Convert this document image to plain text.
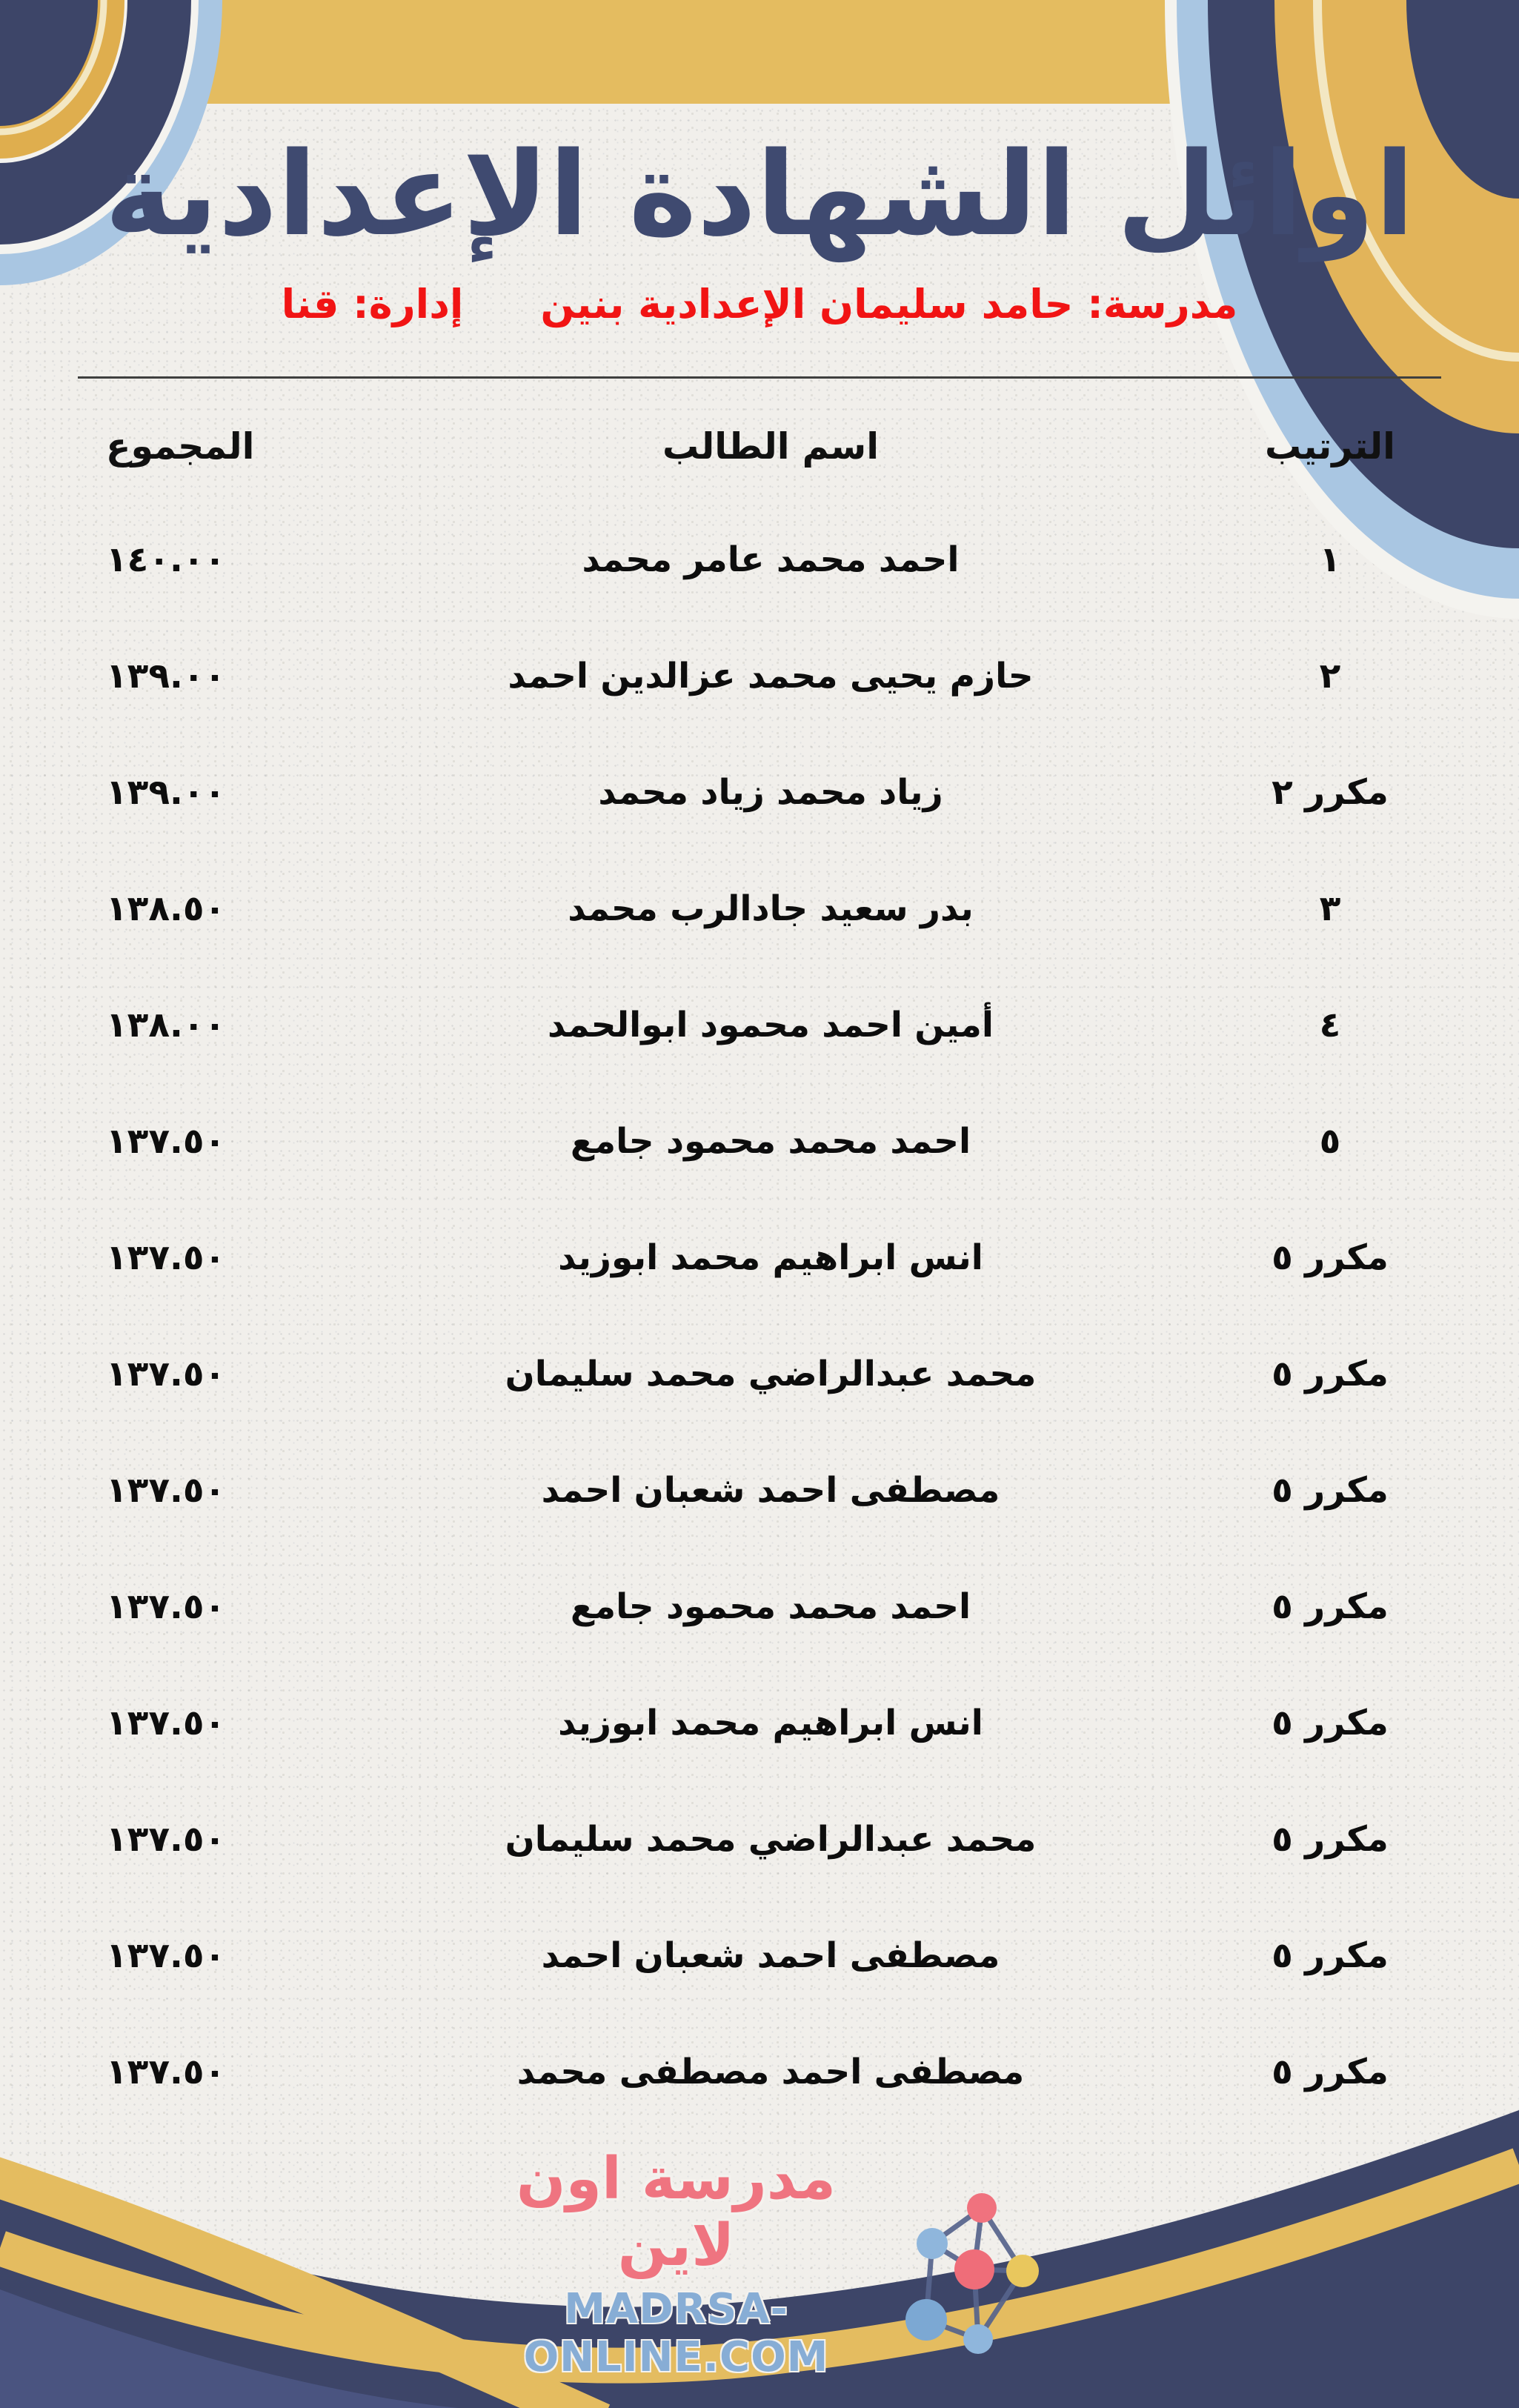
اوائل الشهادة الإعدادية
مدرسة: حامد سليمان الإعدادية بنين
إدارة: قنا
الترتيب
اسم الطالب
المجموع
١
احمد محمد عامر محمد
١٤٠.٠٠
٢
حازم يحيى محمد عزالدين احمد
١٣٩.٠٠
مكرر ٢
زياد محمد زياد محمد
١٣٩.٠٠
٣
بدر سعيد جادالرب محمد
١٣٨.٥٠
٤
أمين احمد محمود ابوالحمد
١٣٨.٠٠
٥
احمد محمد محمود جامع
١٣٧.٥٠
مكرر ٥
انس ابراهيم محمد ابوزيد
١٣٧.٥٠
مكرر ٥
محمد عبدالراضي محمد سليمان
١٣٧.٥٠
مكرر ٥
مصطفى احمد شعبان احمد
١٣٧.٥٠
مكرر ٥
احمد محمد محمود جامع
١٣٧.٥٠
مكرر ٥
انس ابراهيم محمد ابوزيد
١٣٧.٥٠
مكرر ٥
محمد عبدالراضي محمد سليمان
١٣٧.٥٠
مكرر ٥
مصطفى احمد شعبان احمد
١٣٧.٥٠
مكرر ٥
مصطفى احمد مصطفى محمد
١٣٧.٥٠
مدرسة اون لاين
MADRSA-ONLINE.COM
